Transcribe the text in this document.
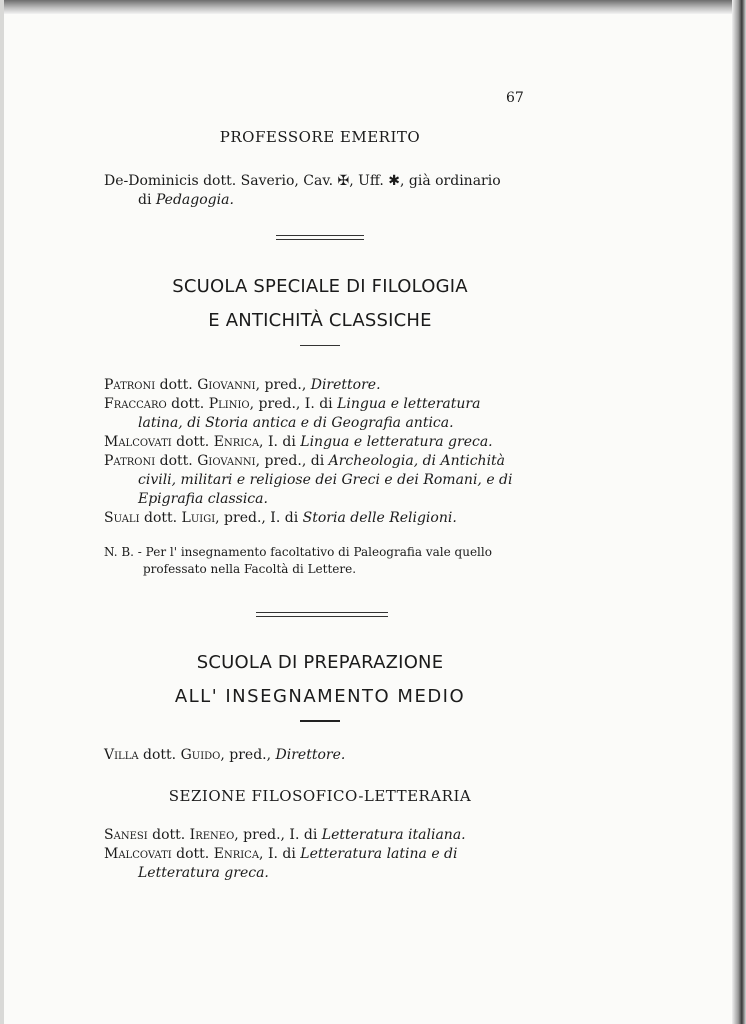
67
PROFESSORE EMERITO
De-Dominicis dott. Saverio, Cav. ✠, Uff. ✱, già ordinario
di Pedagogia.
SCUOLA SPECIALE DI FILOLOGIA
E ANTICHITÀ CLASSICHE
Patroni dott. Giovanni, pred., Direttore.
Fraccaro dott. Plinio, pred., I. di Lingua e letteratura
latina, di Storia antica e di Geografia antica.
Malcovati dott. Enrica, I. di Lingua e letteratura greca.
Patroni dott. Giovanni, pred., di Archeologia, di Antichità
civili, militari e religiose dei Greci e dei Romani, e di
Epigrafia classica.
Suali dott. Luigi, pred., I. di Storia delle Religioni.
N. B. - Per l' insegnamento facoltativo di Paleografia vale quello
professato nella Facoltà di Lettere.
SCUOLA DI PREPARAZIONE
ALL' INSEGNAMENTO MEDIO
Villa dott. Guido, pred., Direttore.
SEZIONE FILOSOFICO-LETTERARIA
Sanesi dott. Ireneo, pred., I. di Letteratura italiana.
Malcovati dott. Enrica, I. di Letteratura latina e di
Letteratura greca.
